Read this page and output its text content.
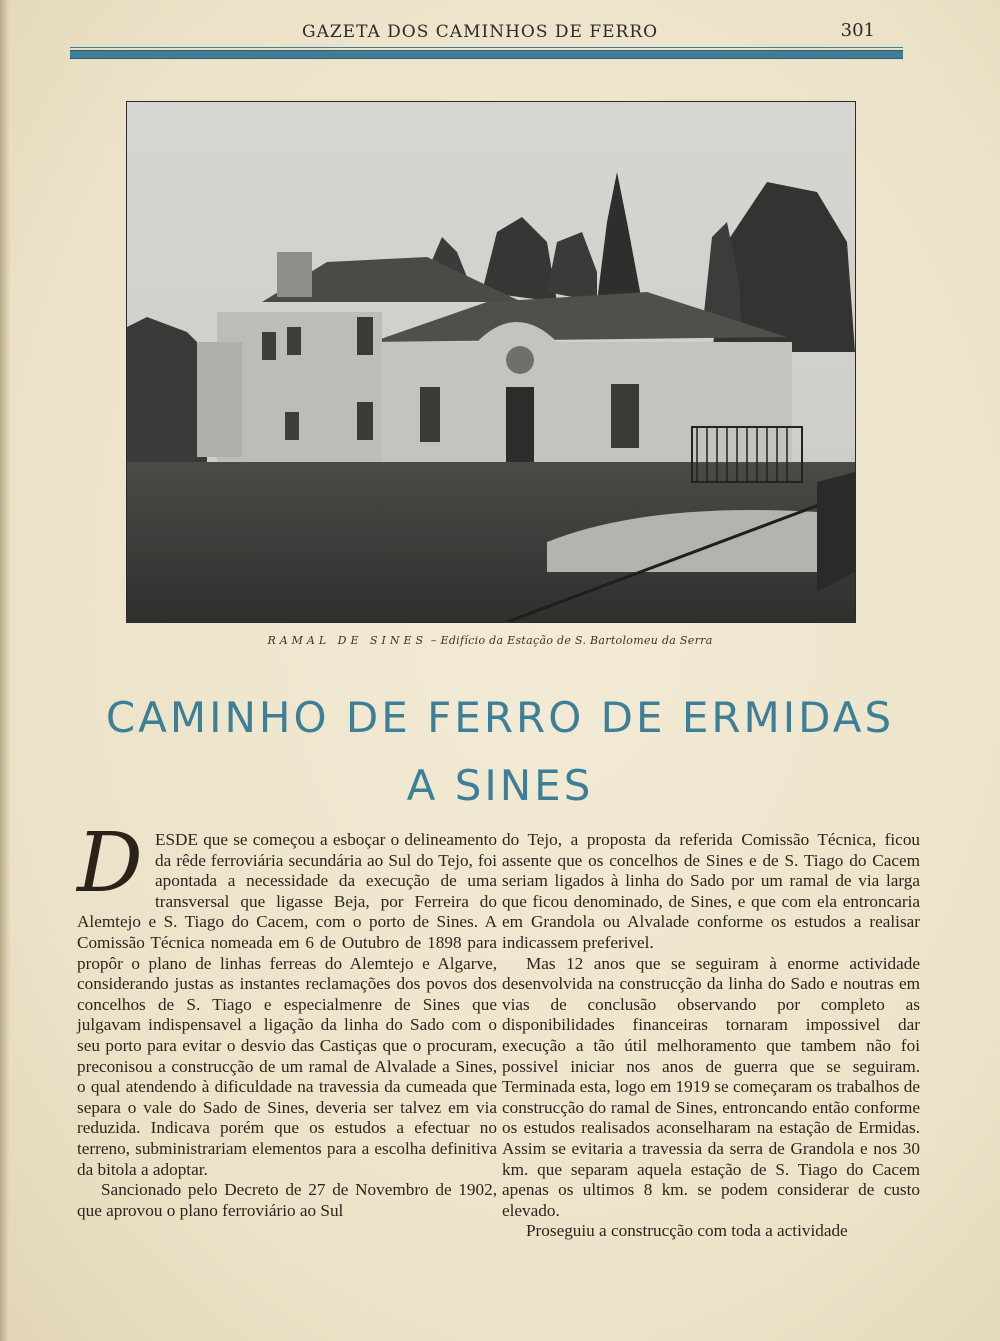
GAZETA DOS CAMINHOS DE FERRO	301
RAMAL DE SINES – Edifício da Estação de S. Bartolomeu da Serra
CAMINHO DE FERRO DE ERMIDAS
A SINES

DESDE que se começou a esboçar o delineamento da rêde ferroviária secundária ao Sul do Tejo, foi apontada a necessidade da execução de uma transversal que ligasse Beja, por Ferreira do Alemtejo e S. Tiago do Cacem, com o porto de Sines. A Comissão Técnica nomeada em 6 de Outubro de 1898 para propôr o plano de linhas ferreas do Alemtejo e Algarve, considerando justas as instantes reclamações dos povos dos concelhos de S. Tiago e especialmenre de Sines que julgavam indispensavel a ligação da linha do Sado com o seu porto para evitar o desvio das Castiças que o procuram, preconisou a construcção de um ramal de Alvalade a Sines, o qual atendendo à dificuldade na travessia da cumeada que separa o vale do Sado de Sines, deveria ser talvez em via reduzida. Indicava porém que os estudos a efectuar no terreno, subministrariam elementos para a escolha definitiva da bitola a adoptar.

Sancionado pelo Decreto de 27 de Novembro de 1902, que aprovou o plano ferroviário ao Sul

do Tejo, a proposta da referida Comissão Técnica, ficou assente que os concelhos de Sines e de S. Tiago do Cacem seriam ligados à linha do Sado por um ramal de via larga que ficou denominado, de Sines, e que com ela entroncaria em Grandola ou Alvalade conforme os estudos a realisar indicassem preferivel.

Mas 12 anos que se seguiram à enorme actividade desenvolvida na construcção da linha do Sado e noutras em vias de conclusão observando por completo as disponibilidades financeiras tornaram impossivel dar execução a tão útil melhoramento que tambem não foi possivel iniciar nos anos de guerra que se seguiram. Terminada esta, logo em 1919 se começaram os trabalhos de construcção do ramal de Sines, entroncando então conforme os estudos realisados aconselharam na estação de Ermidas. Assim se evitaria a travessia da serra de Grandola e nos 30 km. que separam aquela estação de S. Tiago do Cacem apenas os ultimos 8 km. se podem considerar de custo elevado.

Proseguiu a construcção com toda a actividade
